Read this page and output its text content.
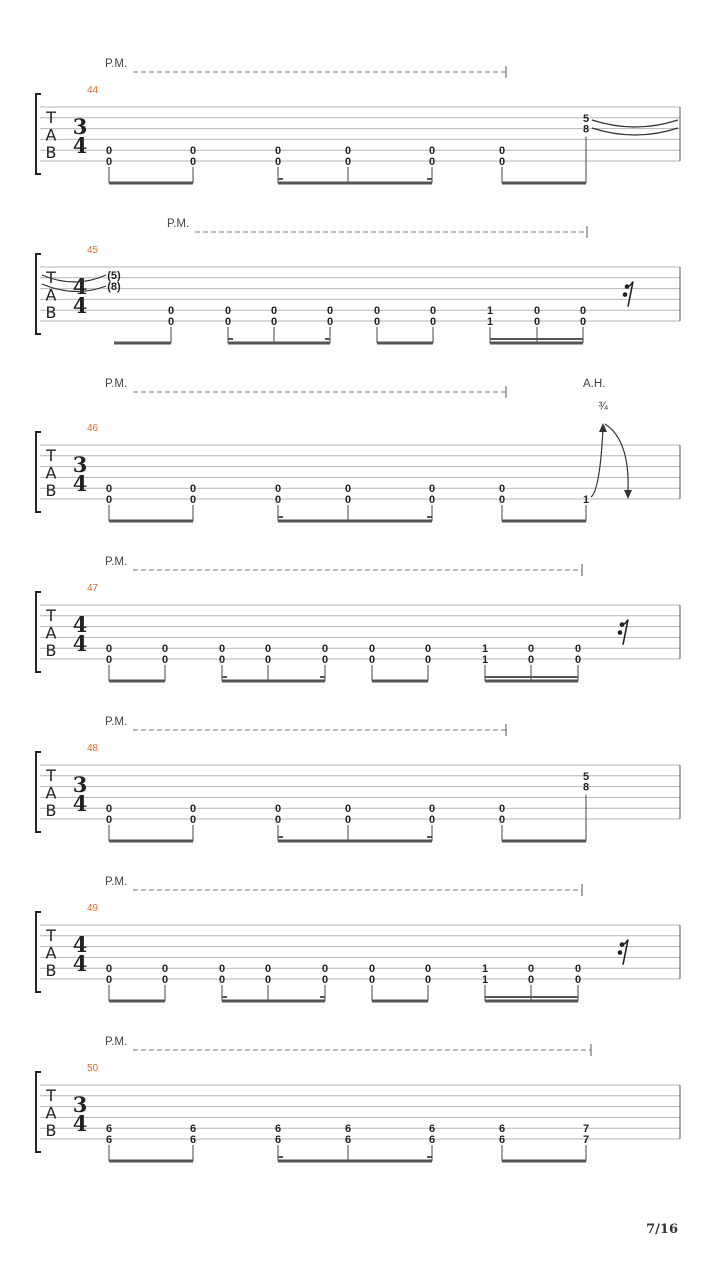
P.M.
44
T
A
B
3
4 0
0
0
0
0
0
0
0
0
0
0
0
5
8
P.M.
45
T
A
B
4
4	0
0
0
0
0
0
0
0
0
0
0
0
1
1
0
0
0
0
(5)
(8)
P.M.
46
T
A
B
3
4 0
0
0
0
0
0
0
0
0
0
0
0	1
A.H.
¾
P.M.
47
T
A
B
4
4 0
0
0
0
0
0
0
0
0
0
0
0
0
0
1
1
0
0
0
0
P.M.
48
T
A
B
3
4 0
0
0
0
0
0
0
0
0
0
0
0
5
8
P.M.
49
T
A
B
4
4 0
0
0
0
0
0
0
0
0
0
0
0
0
0
1
1
0
0
0
0
P.M.
50
T
A
B
3
4 6
6
6
6
6
6
6
6
6
6
6
6
7
7
7/16
